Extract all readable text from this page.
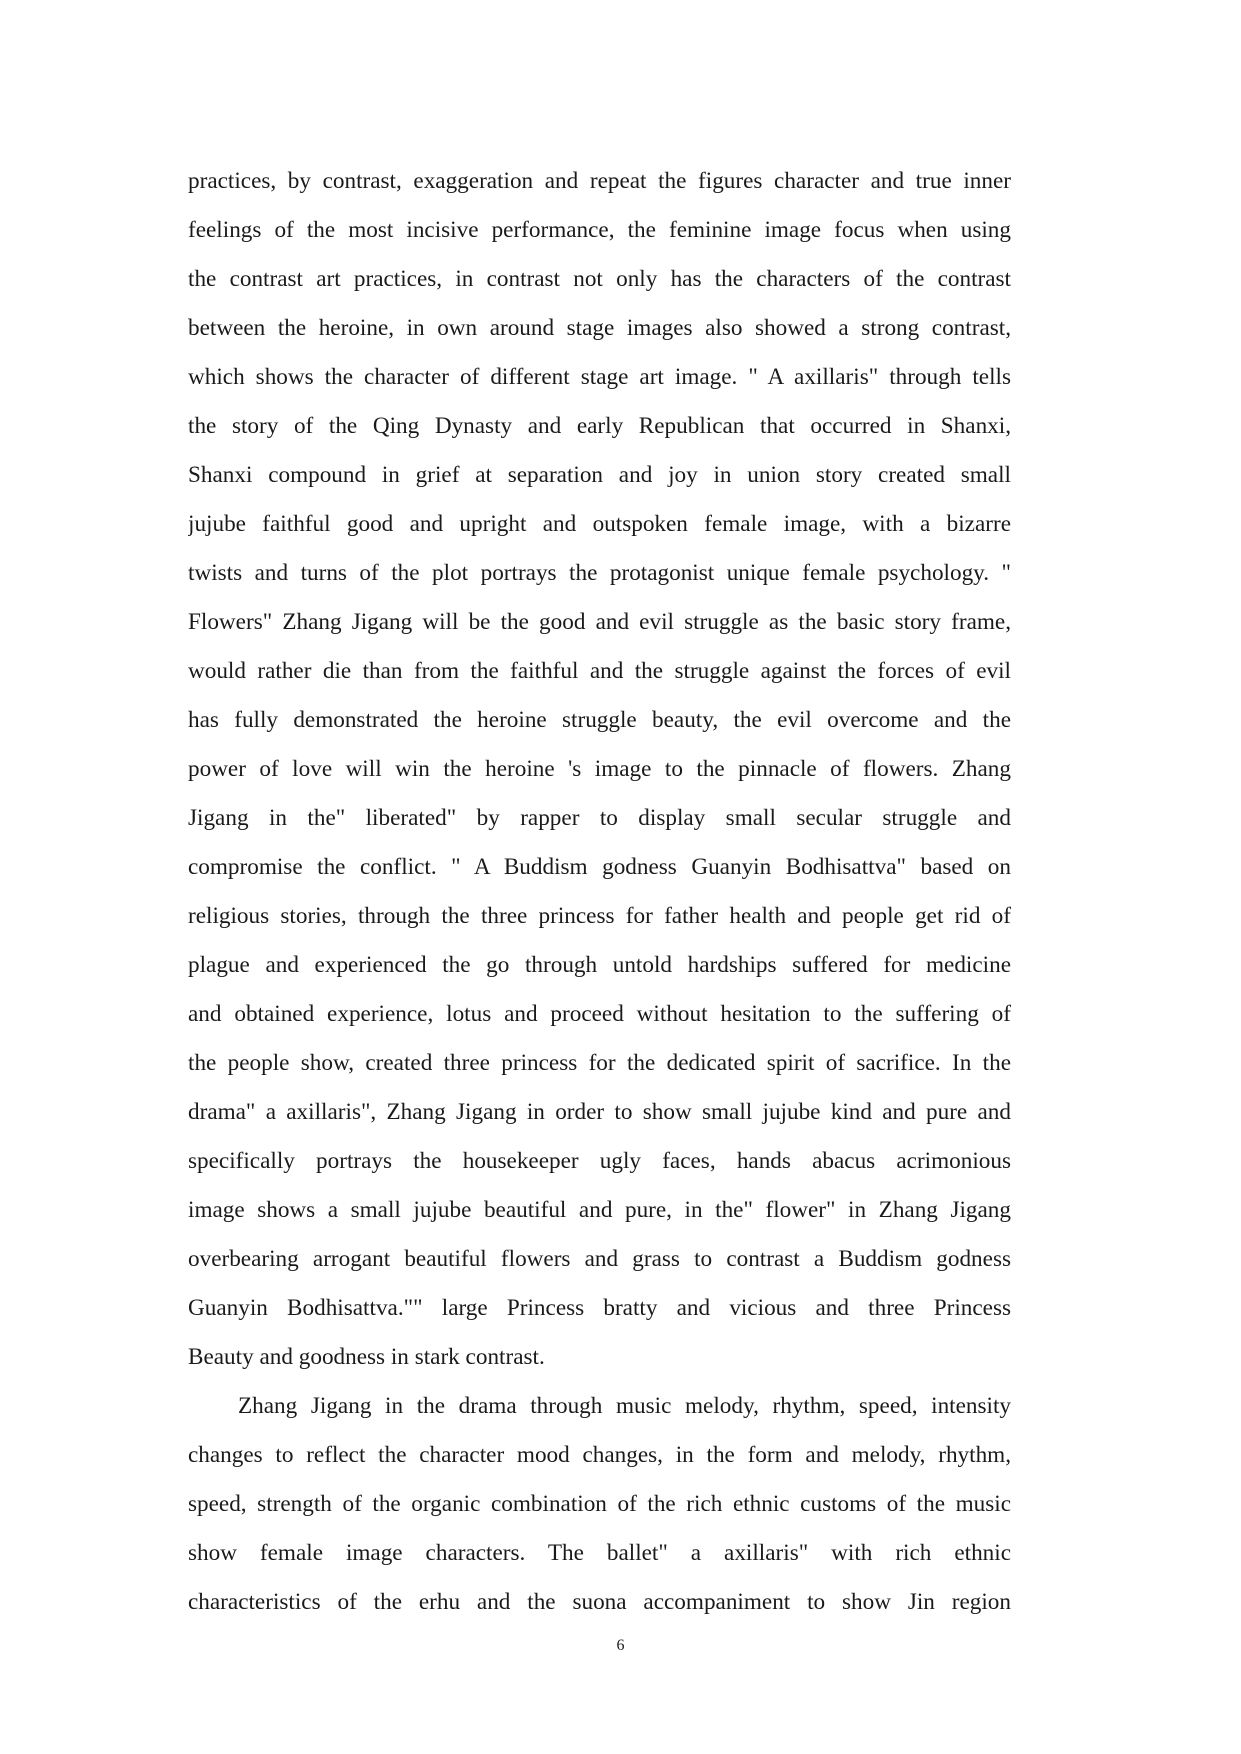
practices, by contrast, exaggeration and repeat the figures character and true inner
feelings of the most incisive performance, the feminine image focus when using
the contrast art practices, in contrast not only has the characters of the contrast
between the heroine, in own around stage images also showed a strong contrast,
which shows the character of different stage art image. " A axillaris" through tells
the story of the Qing Dynasty and early Republican that occurred in Shanxi,
Shanxi compound in grief at separation and joy in union story created small
jujube faithful good and upright and outspoken female image, with a bizarre
twists and turns of the plot portrays the protagonist unique female psychology. "
Flowers" Zhang Jigang will be the good and evil struggle as the basic story frame,
would rather die than from the faithful and the struggle against the forces of evil
has fully demonstrated the heroine struggle beauty, the evil overcome and the
power of love will win the heroine 's image to the pinnacle of flowers. Zhang
Jigang in the" liberated" by rapper to display small secular struggle and
compromise the conflict. " A Buddism godness Guanyin Bodhisattva" based on
religious stories, through the three princess for father health and people get rid of
plague and experienced the go through untold hardships suffered for medicine
and obtained experience, lotus and proceed without hesitation to the suffering of
the people show, created three princess for the dedicated spirit of sacrifice. In the
drama" a axillaris", Zhang Jigang in order to show small jujube kind and pure and
specifically portrays the housekeeper ugly faces, hands abacus acrimonious
image shows a small jujube beautiful and pure, in the" flower" in Zhang Jigang
overbearing arrogant beautiful flowers and grass to contrast a Buddism godness
Guanyin Bodhisattva."" large Princess bratty and vicious and three Princess
Beauty and goodness in stark contrast.
Zhang Jigang in the drama through music melody, rhythm, speed, intensity
changes to reflect the character mood changes, in the form and melody, rhythm,
speed, strength of the organic combination of the rich ethnic customs of the music
show female image characters. The ballet" a axillaris" with rich ethnic
characteristics of the erhu and the suona accompaniment to show Jin region
6
